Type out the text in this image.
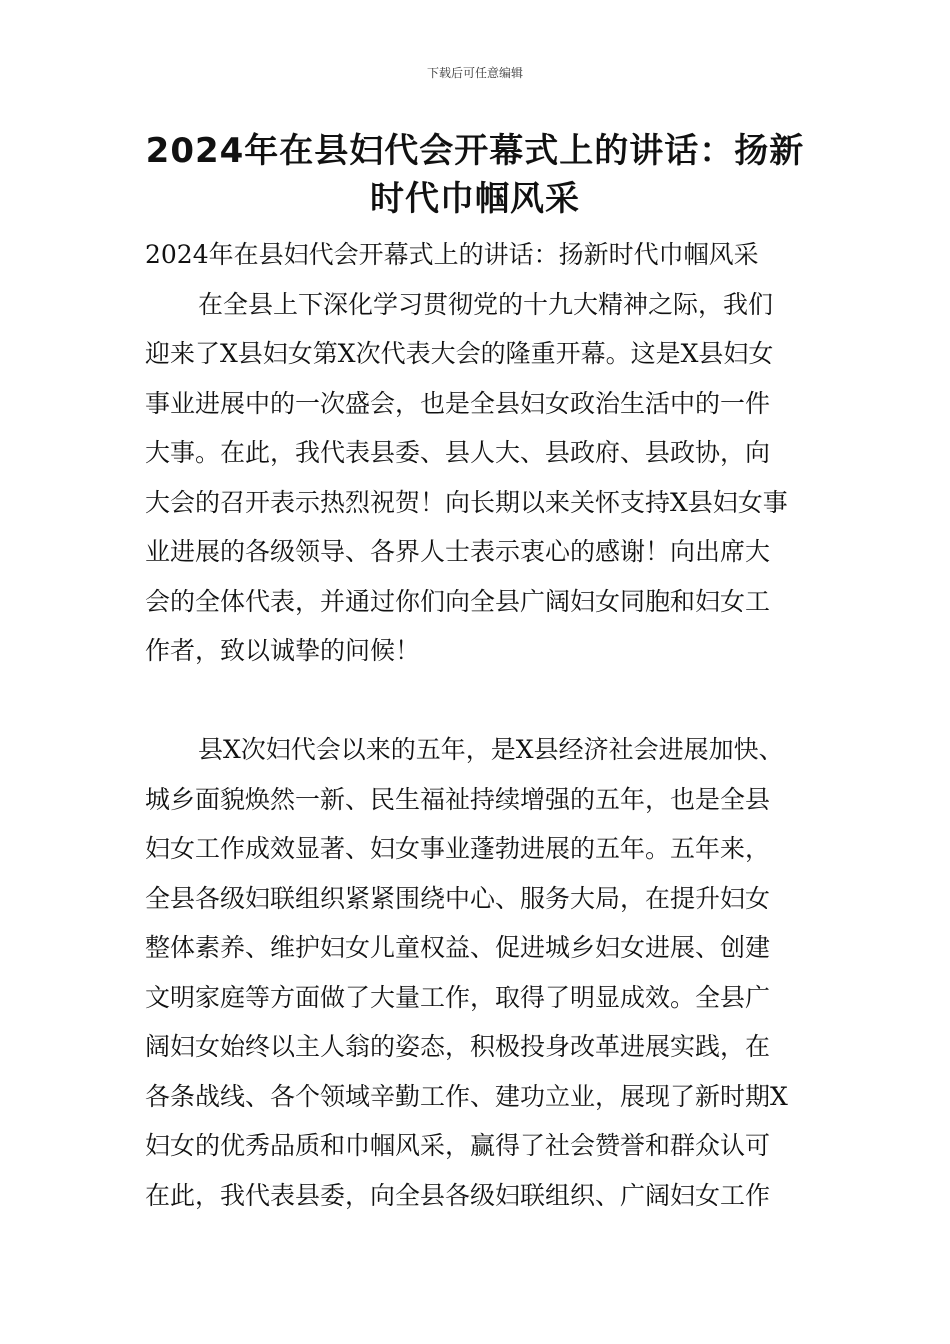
下载后可任意编辑
2024年在县妇代会开幕式上的讲话：扬新
时代巾帼风采
2024年在县妇代会开幕式上的讲话：扬新时代巾帼风采
在全县上下深化学习贯彻党的十九大精神之际，我们
迎来了X县妇女第X次代表大会的隆重开幕。这是X县妇女
事业进展中的一次盛会，也是全县妇女政治生活中的一件
大事。在此，我代表县委、县人大、县政府、县政协，向
大会的召开表示热烈祝贺！向长期以来关怀支持X县妇女事
业进展的各级领导、各界人士表示衷心的感谢！向出席大
会的全体代表，并通过你们向全县广阔妇女同胞和妇女工
作者，致以诚挚的问候！
县X次妇代会以来的五年，是X县经济社会进展加快、
城乡面貌焕然一新、民生福祉持续增强的五年，也是全县
妇女工作成效显著、妇女事业蓬勃进展的五年。五年来，
全县各级妇联组织紧紧围绕中心、服务大局，在提升妇女
整体素养、维护妇女儿童权益、促进城乡妇女进展、创建
文明家庭等方面做了大量工作，取得了明显成效。全县广
阔妇女始终以主人翁的姿态，积极投身改革进展实践，在
各条战线、各个领域辛勤工作、建功立业，展现了新时期X
妇女的优秀品质和巾帼风采，赢得了社会赞誉和群众认可
在此，我代表县委，向全县各级妇联组织、广阔妇女工作
